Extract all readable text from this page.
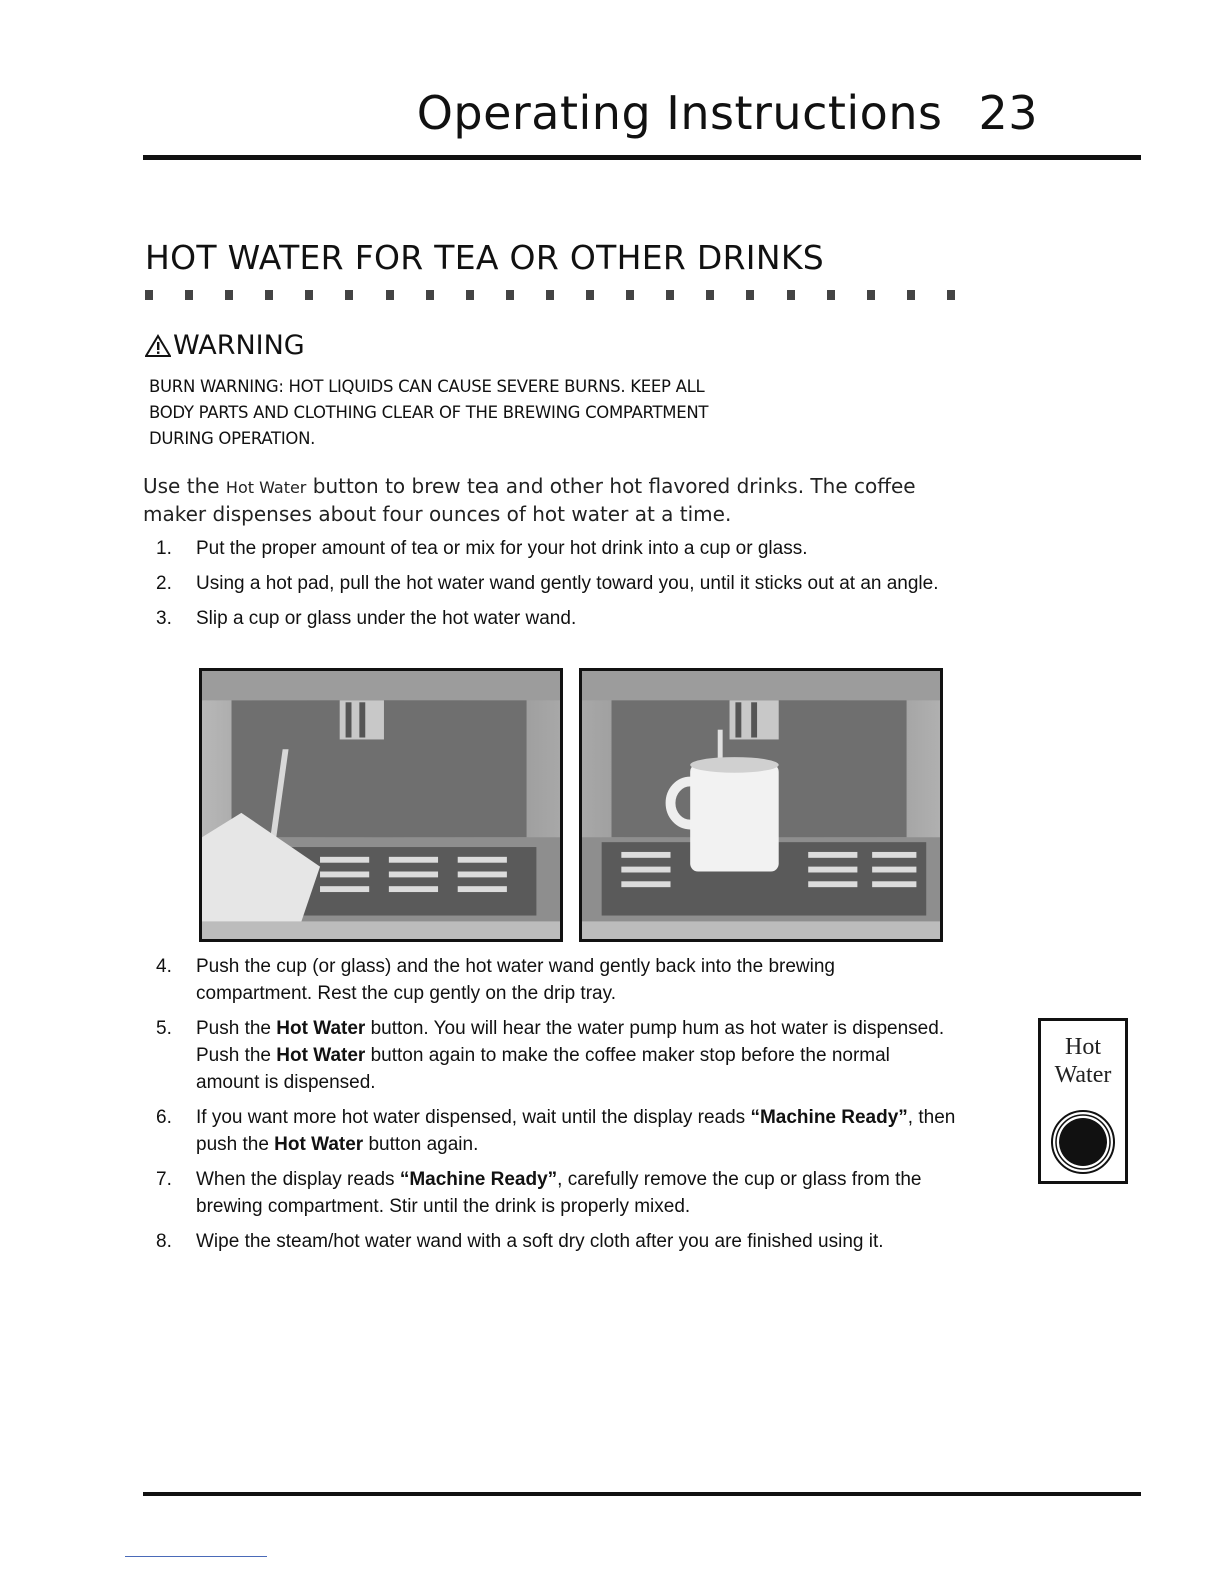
Operating Instructions 23
HOT WATER FOR TEA OR OTHER DRINKS
WARNING
BURN WARNING: HOT LIQUIDS CAN CAUSE SEVERE BURNS. KEEP ALL
BODY PARTS AND CLOTHING CLEAR OF THE BREWING COMPARTMENT
DURING OPERATION.
Use the Hot Water button to brew tea and other hot flavored drinks. The coffee maker dispenses about four ounces of hot water at a time.
1.	Put the proper amount of tea or mix for your hot drink into a cup or glass.
2.	Using a hot pad, pull the hot water wand gently toward you, until it sticks out at an angle.
3.	Slip a cup or glass under the hot water wand.
4.	Push the cup (or glass) and the hot water wand gently back into the brewing compartment. Rest the cup gently on the drip tray.
5.	Push the Hot Water button. You will hear the water pump hum as hot water is dispensed. Push the Hot Water button again to make the coffee maker stop before the normal amount is dispensed.
6.	If you want more hot water dispensed, wait until the display reads “Machine Ready”, then push the Hot Water button again.
7.	When the display reads “Machine Ready”, carefully remove the cup or glass from the brewing compartment. Stir until the drink is properly mixed.
8.	Wipe the steam/hot water wand with a soft dry cloth after you are finished using it.
Hot
Water
